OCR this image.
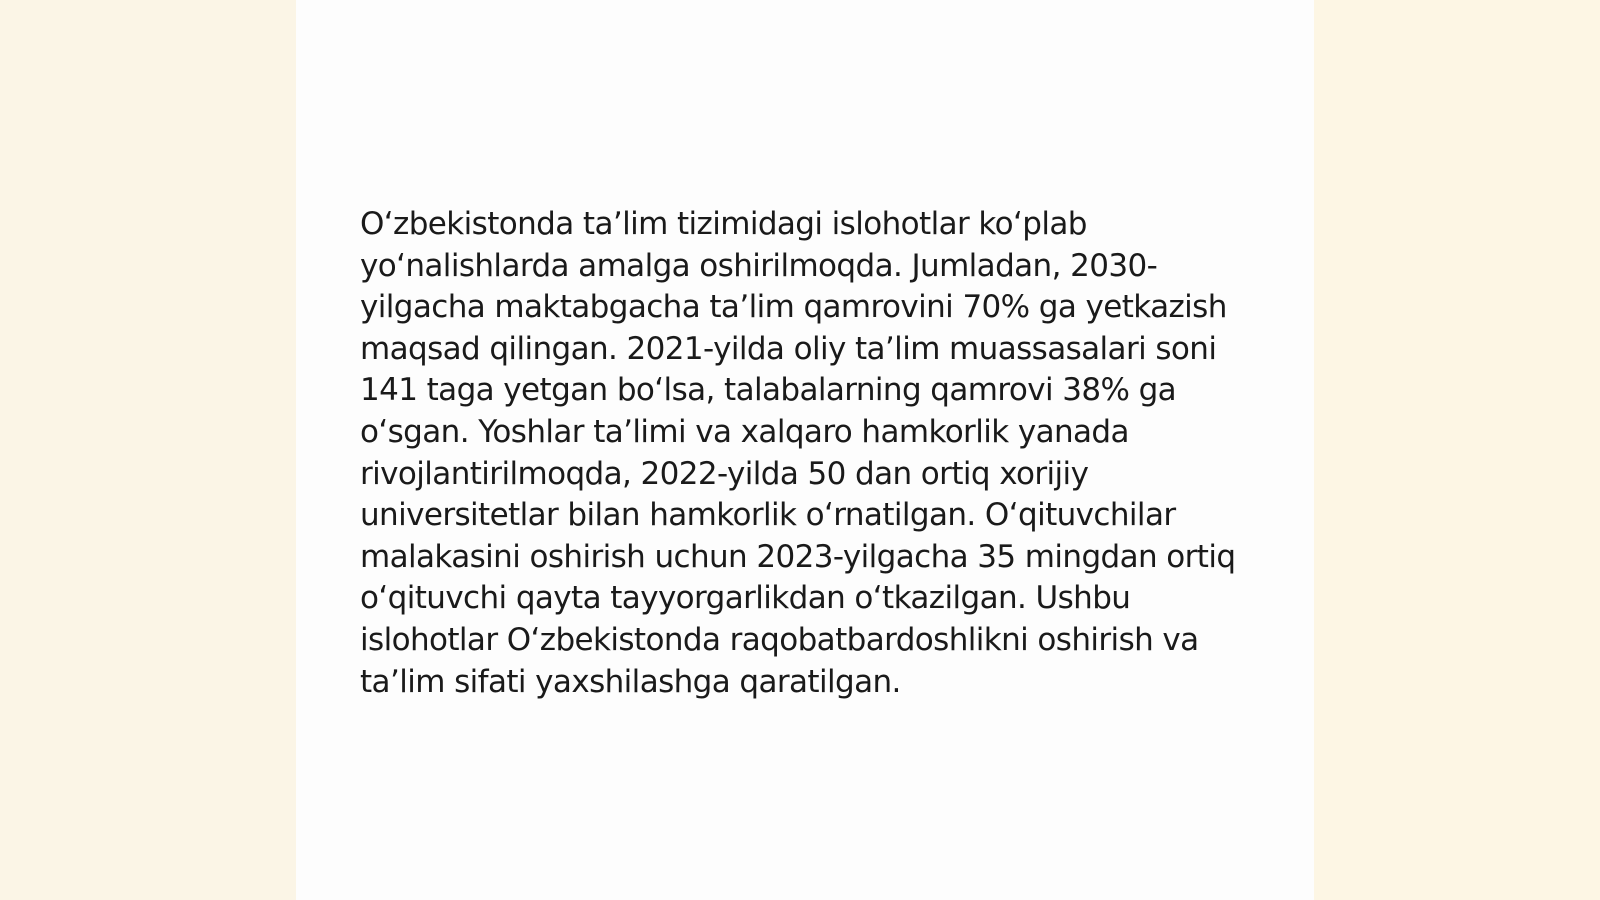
O‘zbekistonda ta’lim tizimidagi islohotlar ko‘plab yo‘nalishlarda amalga oshirilmoqda. Jumladan, 2030-yilgacha maktabgacha ta’lim qamrovini 70% ga yetkazish maqsad qilingan. 2021-yilda oliy ta’lim muassasalari soni 141 taga yetgan bo‘lsa, talabalarning qamrovi 38% ga o‘sgan. Yoshlar ta’limi va xalqaro hamkorlik yanada rivojlantirilmoqda, 2022-yilda 50 dan ortiq xorijiy universitetlar bilan hamkorlik o‘rnatilgan. O‘qituvchilar malakasini oshirish uchun 2023-yilgacha 35 mingdan ortiq o‘qituvchi qayta tayyorgarlikdan o‘tkazilgan. Ushbu islohotlar O‘zbekistonda raqobatbardoshlikni oshirish va ta’lim sifati yaxshilashga qaratilgan.
